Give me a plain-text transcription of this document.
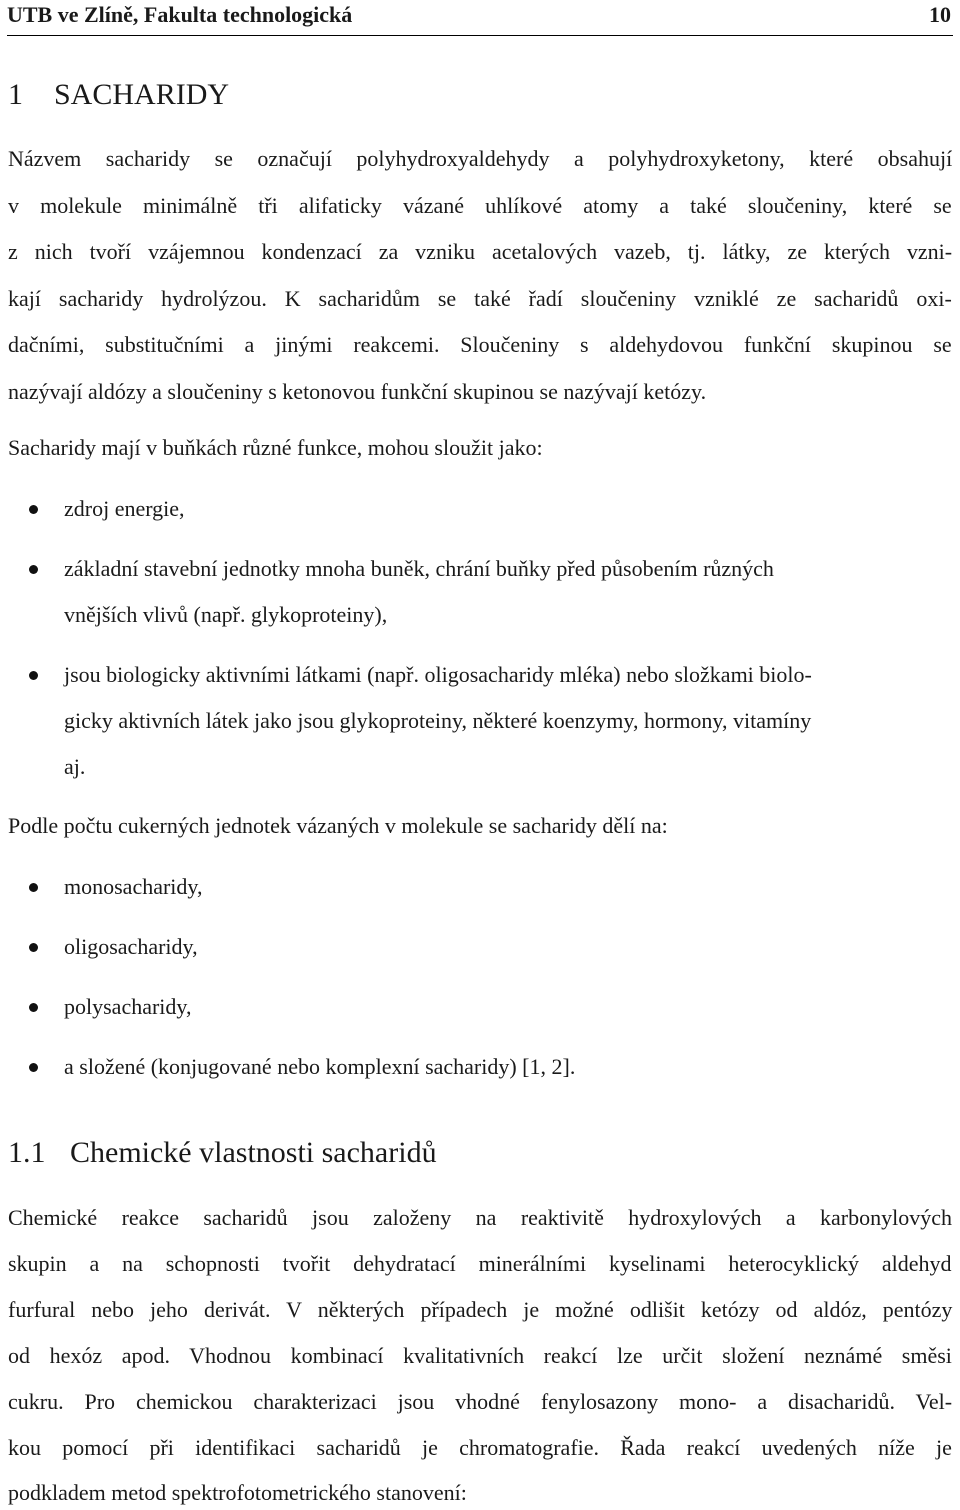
UTB ve Zlíně, Fakulta technologická	10
1 SACHARIDY
Názvem sacharidy se označují polyhydroxyaldehydy a polyhydroxyketony, které obsahují
v molekule minimálně tři alifaticky vázané uhlíkové atomy a také sloučeniny, které se
z nich tvoří vzájemnou kondenzací za vzniku acetalových vazeb, tj. látky, ze kterých vzni-
kají sacharidy hydrolýzou. K sacharidům se také řadí sloučeniny vzniklé ze sacharidů oxi-
dačními, substitučními a jinými reakcemi. Sloučeniny s aldehydovou funkční skupinou se
nazývají aldózy a sloučeniny s ketonovou funkční skupinou se nazývají ketózy.
Sacharidy mají v buňkách různé funkce, mohou sloužit jako:
zdroj energie,
základní stavební jednotky mnoha buněk, chrání buňky před působením různých
vnějších vlivů (např. glykoproteiny),
jsou biologicky aktivními látkami (např. oligosacharidy mléka) nebo složkami biolo-
gicky aktivních látek jako jsou glykoproteiny, některé koenzymy, hormony, vitamíny
aj.
Podle počtu cukerných jednotek vázaných v molekule se sacharidy dělí na:
monosacharidy,
oligosacharidy,
polysacharidy,
a složené (konjugované nebo komplexní sacharidy) [1, 2].
1.1 Chemické vlastnosti sacharidů
Chemické reakce sacharidů jsou založeny na reaktivitě hydroxylových a karbonylových
skupin a na schopnosti tvořit dehydratací minerálními kyselinami heterocyklický aldehyd
furfural nebo jeho derivát. V některých případech je možné odlišit ketózy od aldóz, pentózy
od hexóz apod. Vhodnou kombinací kvalitativních reakcí lze určit složení neznámé směsi
cukru. Pro chemickou charakterizaci jsou vhodné fenylosazony mono- a disacharidů. Vel-
kou pomocí při identifikaci sacharidů je chromatografie. Řada reakcí uvedených níže je
podkladem metod spektrofotometrického stanovení:
